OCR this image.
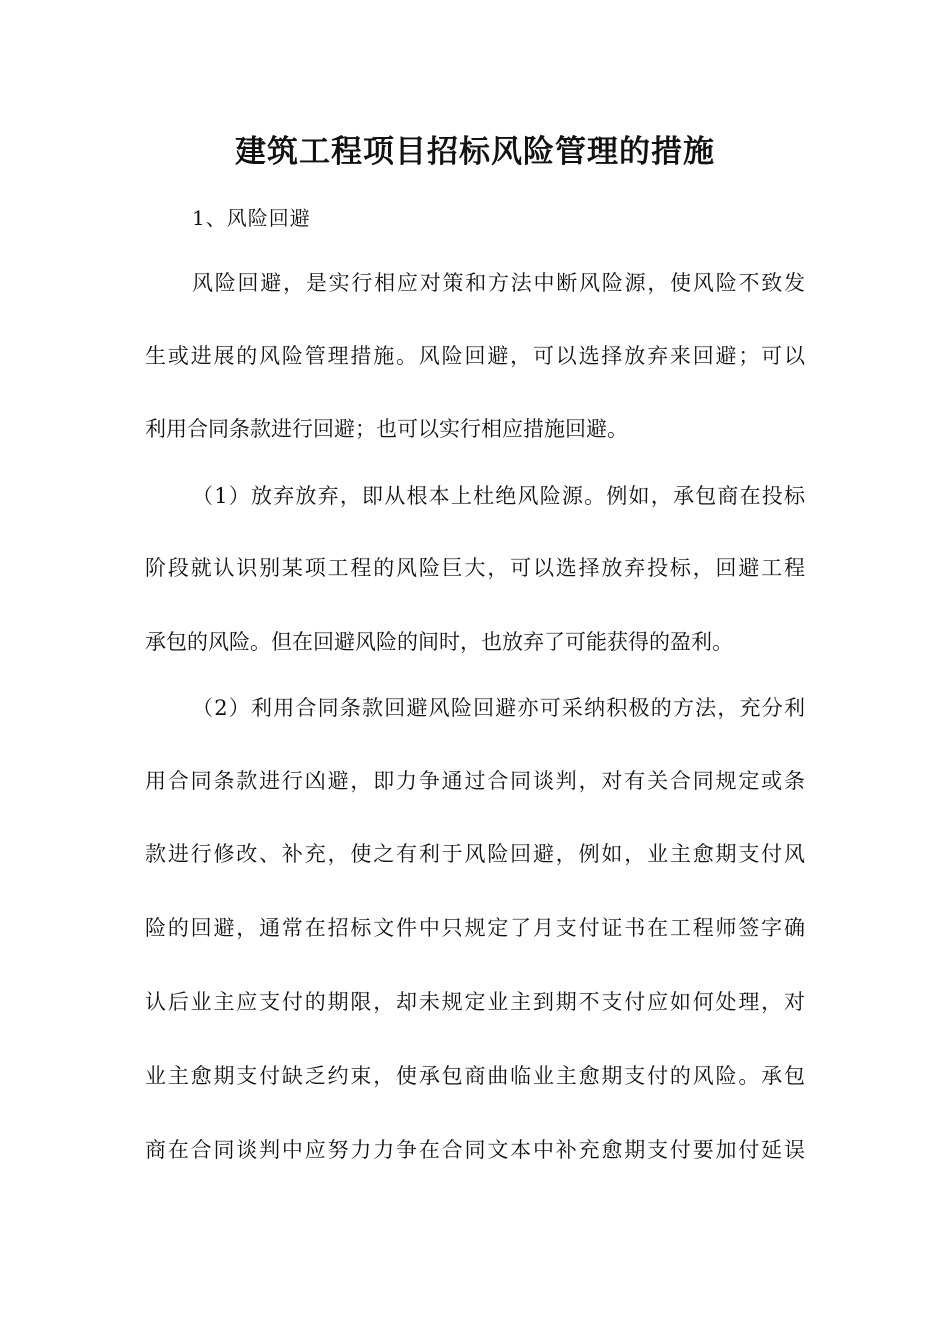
建筑工程项目招标风险管理的措施
1、风险回避
风险回避，是实行相应对策和方法中断风险源，使风险不致发
生或进展的风险管理措施。风险回避，可以选择放弃来回避；可以
利用合同条款进行回避；也可以实行相应措施回避。
（1）放弃放弃，即从根本上杜绝风险源。例如，承包商在投标
阶段就认识别某项工程的风险巨大，可以选择放弃投标，回避工程
承包的风险。但在回避风险的间时，也放弃了可能获得的盈利。
（2）利用合同条款回避风险回避亦可采纳积极的方法，充分利
用合同条款进行凶避，即力争通过合同谈判，对有关合同规定或条
款进行修改、补充，使之有利于风险回避，例如，业主愈期支付风
险的回避，通常在招标文件中只规定了月支付证书在工程师签字确
认后业主应支付的期限，却未规定业主到期不支付应如何处理，对
业主愈期支付缺乏约束，使承包商曲临业主愈期支付的风险。承包
商在合同谈判中应努力力争在合同文本中补充愈期支付要加付延误
